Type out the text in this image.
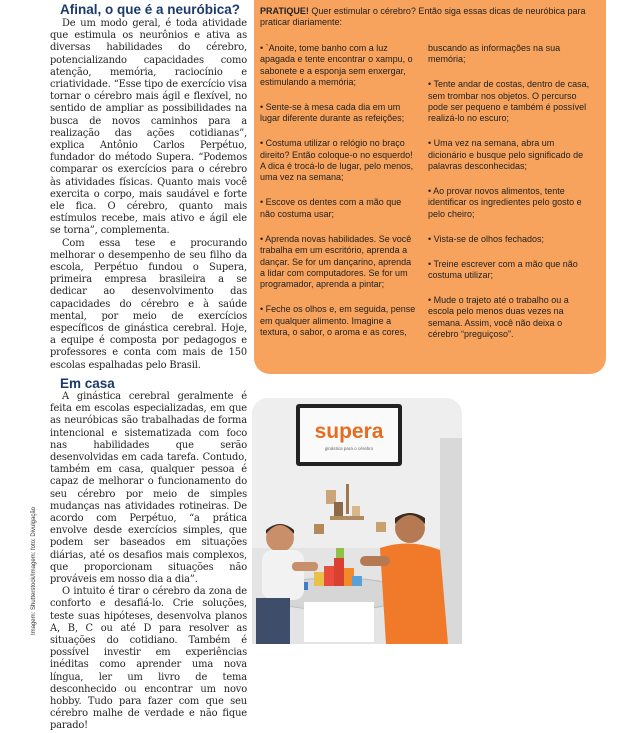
Afinal, o que é a neuróbica?

De um modo geral, é toda atividade que estimula os neurônios e ativa as diversas habilidades do cérebro, potencializando capacidades como atenção, memória, raciocínio e criatividade. “Esse tipo de exercício visa tornar o cérebro mais ágil e flexível, no sentido de ampliar as possibilidades na busca de novos caminhos para a realização das ações cotidianas”, explica Antônio Carlos Perpétuo, fundador do método Supera. “Podemos comparar os exercícios para o cérebro às atividades físicas. Quanto mais você exercita o corpo, mais saudável e forte ele fica. O cérebro, quanto mais estímulos recebe, mais ativo e ágil ele se torna”, complementa.

Com essa tese e procurando melhorar o desempenho de seu filho da escola, Perpétuo fundou o Supera, primeira empresa brasileira a se dedicar ao desenvolvimento das capacidades do cérebro e à saúde mental, por meio de exercícios específicos de ginástica cerebral. Hoje, a equipe é composta por pedagogos e professores e conta com mais de 150 escolas espalhadas pelo Brasil.

Em casa

A ginástica cerebral geralmente é feita em escolas especializadas, em que as neuróbicas são trabalhadas de forma intencional e sistematizada com foco nas habilidades que serão desenvolvidas em cada tarefa. Contudo, também em casa, qualquer pessoa é capaz de melhorar o funcionamento do seu cérebro por meio de simples mudanças nas atividades rotineiras. De acordo com Perpétuo, “a prática envolve desde exercícios simples, que podem ser baseados em situações diárias, até os desafios mais complexos, que proporcionam situações não prováveis em nosso dia a dia”.

O intuito é tirar o cérebro da zona de conforto e desafiá-lo. Crie soluções, teste suas hipóteses, desenvolva planos A, B, C ou até D para resolver as situações do cotidiano. Também é possível investir em experiências inéditas como aprender uma nova língua, ler um livro de tema desconhecido ou encontrar um novo hobby. Tudo para fazer com que seu cérebro malhe de verdade e não fique parado!

Imagem: Shutterstock/Imagem: foto: Divulgação

PRATIQUE! Quer estimular o cérebro? Então siga essas dicas de neuróbica para praticar diariamente:

• `Anoite, tome banho com a luz apagada e tente encontrar o xampu, o sabonete e a esponja sem enxergar, estimulando a memória;

• Sente-se à mesa cada dia em um lugar diferente durante as refeições;

• Costuma utilizar o relógio no braço direito? Então coloque-o no esquerdo! A dica é trocá-lo de lugar, pelo menos, uma vez na semana;

• Escove os dentes com a mão que não costuma usar;

• Aprenda novas habilidades. Se você trabalha em um escritório, aprenda a dançar. Se for um dançarino, aprenda a lidar com computadores. Se for um programador, aprenda a pintar;

• Feche os olhos e, em seguida, pense em qualquer alimento. Imagine a textura, o sabor, o aroma e as cores,

buscando as informações na sua memória;

• Tente andar de costas, dentro de casa, sem trombar nos objetos. O percurso pode ser pequeno e também é possível realizá-lo no escuro;

• Uma vez na semana, abra um dicionário e busque pelo significado de palavras desconhecidas;

• Ao provar novos alimentos, tente identificar os ingredientes pelo gosto e pelo cheiro;

• Vista-se de olhos fechados;

• Treine escrever com a mão que não costuma utilizar;

• Mude o trajeto até o trabalho ou a escola pelo menos duas vezes na semana. Assim, você não deixa o cérebro “preguiçoso”.

supera
ginástica para o cérebro
